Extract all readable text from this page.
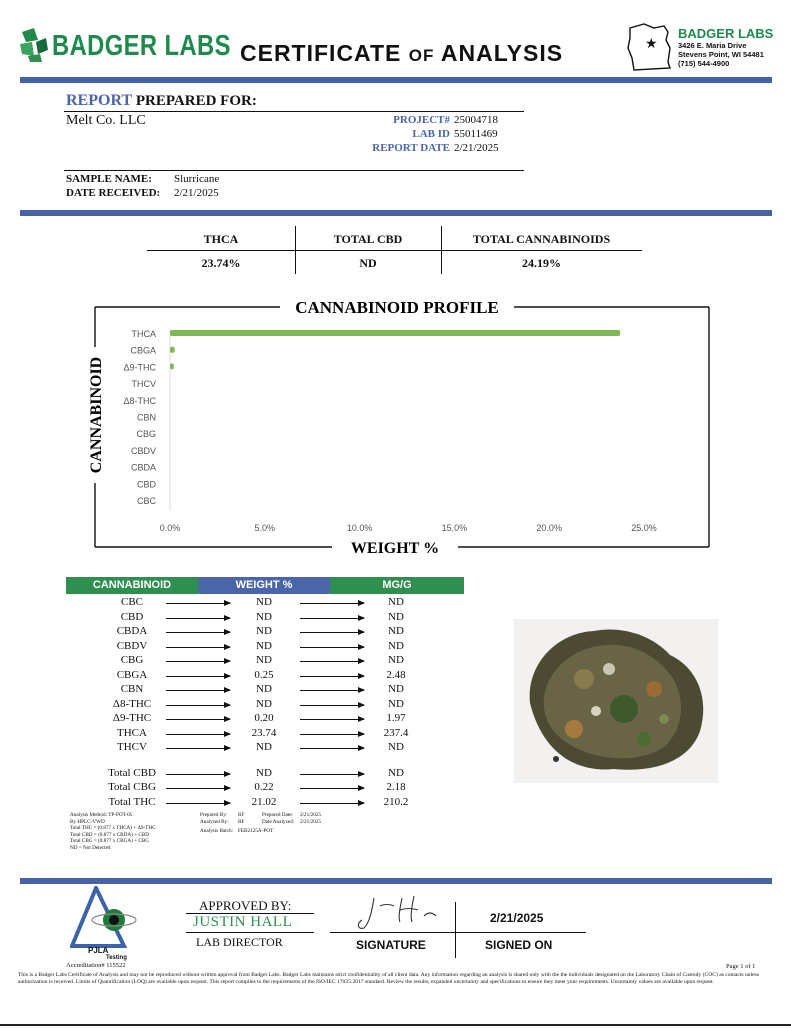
BADGER LABS CERTIFICATE OF ANALYSIS	★
BADGER LABS
3426 E. Maria Drive
Stevens Point, WI 54481
(715) 544-4900
REPORT PREPARED FOR:
Melt Co. LLC	PROJECT# 25004718
LAB ID 55011469
REPORT DATE 2/21/2025
SAMPLE NAME:	Slurricane
DATE RECEIVED:	2/21/2025
THCA	TOTAL CBD	TOTAL CANNABINOIDS
23.74%	ND	24.19%
CANNABINOID PROFILE
WEIGHT %
CANNABINOID
THCA
CBGA
Δ9-THC
THCV
Δ8-THC
CBN
CBG
CBDV
CBDA
CBD
CBC
0.0%	5.0%	10.0%	15.0%	20.0%	25.0%
CANNABINOID	WEIGHT %	MG/G
CBC	ND	ND
CBD	ND	ND
CBDA	ND	ND
CBDV	ND	ND
CBG	ND	ND
CBGA	0.25	2.48
CBN	ND	ND
Δ8-THC	ND	ND
Δ9-THC	0.20	1.97
THCA	23.74	237.4
THCV	ND	ND
Total CBD	ND	ND
Total CBG	0.22	2.18
Total THC	21.02	210.2
Analysis Method: TP-POT-05
By HPLC-VWD
Total THC = (0.877 x THCA) + Δ9-THC
Total CBD = (0.877 x CBDA) + CBD
Total CBG = (0.877 x CBGA) + CBG
ND = Not Detected
Prepared By:	RF	Prepared Date:	2/21/2025
Analyzed By:	RF	Date Analyzed:	2/21/2025
Analysis Batch: FEB2125A-POT
PJLA
Testing
Accreditation# 115522
APPROVED BY:
JUSTIN HALL
LAB DIRECTOR
2/21/2025
SIGNATURE	SIGNED ON
Page 1 of 1
This is a Badger Labs Certificate of Analysis and may not be reproduced without written approval from Badger Labs. Badger Labs maintains strict confidentiality of all client data. Any information regarding an analysis is shared only with the the individuals designated on the Laboratory Chain of Custody (COC) as contacts unless authorization is received. Limits of Quantification (LOQ) are available upon request. This report complies to the requirements of the ISO/IEC 17025:2017 standard. Review the results, expanded uncertainty and specifications to ensure they meet your requirements. Uncertainty values are available upon request.
